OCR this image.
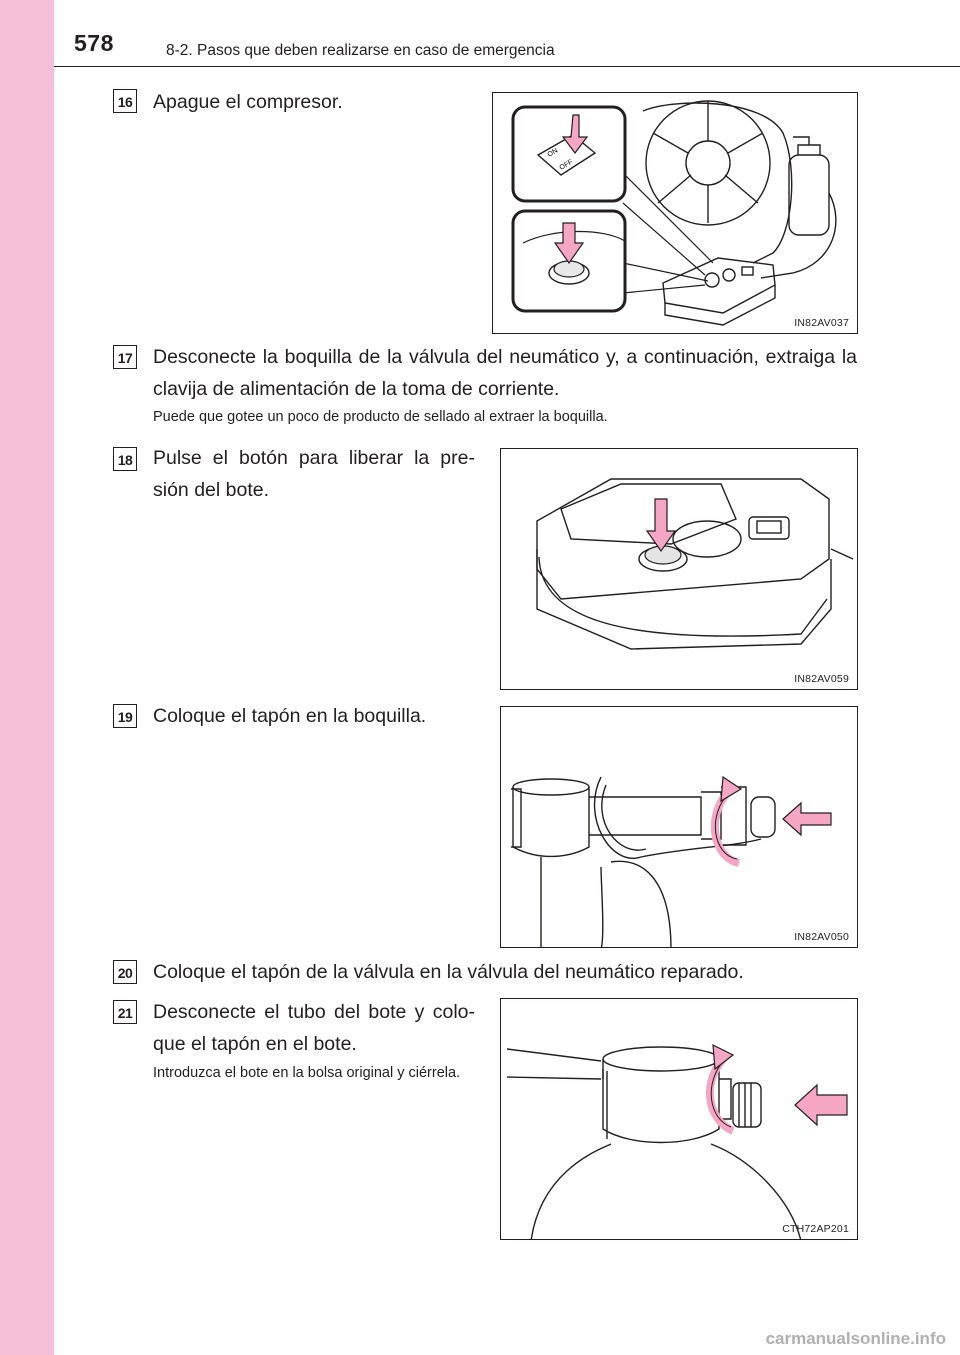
578	8-2. Pasos que deben realizarse en caso de emergencia
16 Apague el compresor.
ON
OFF
IN82AV037
17 Desconecte la boquilla de la válvula del neumático y, a continuación, extraiga la clavija de alimentación de la toma de corriente.
Puede que gotee un poco de producto de sellado al extraer la boquilla.
18 Pulse el botón para liberar la pre-sión del bote.
IN82AV059
19 Coloque el tapón en la boquilla.
IN82AV050
20 Coloque el tapón de la válvula en la válvula del neumático reparado.
21 Desconecte el tubo del bote y colo-que el tapón en el bote.
Introduzca el bote en la bolsa original y ciérrela.
CTH72AP201
carmanualsonline.info
